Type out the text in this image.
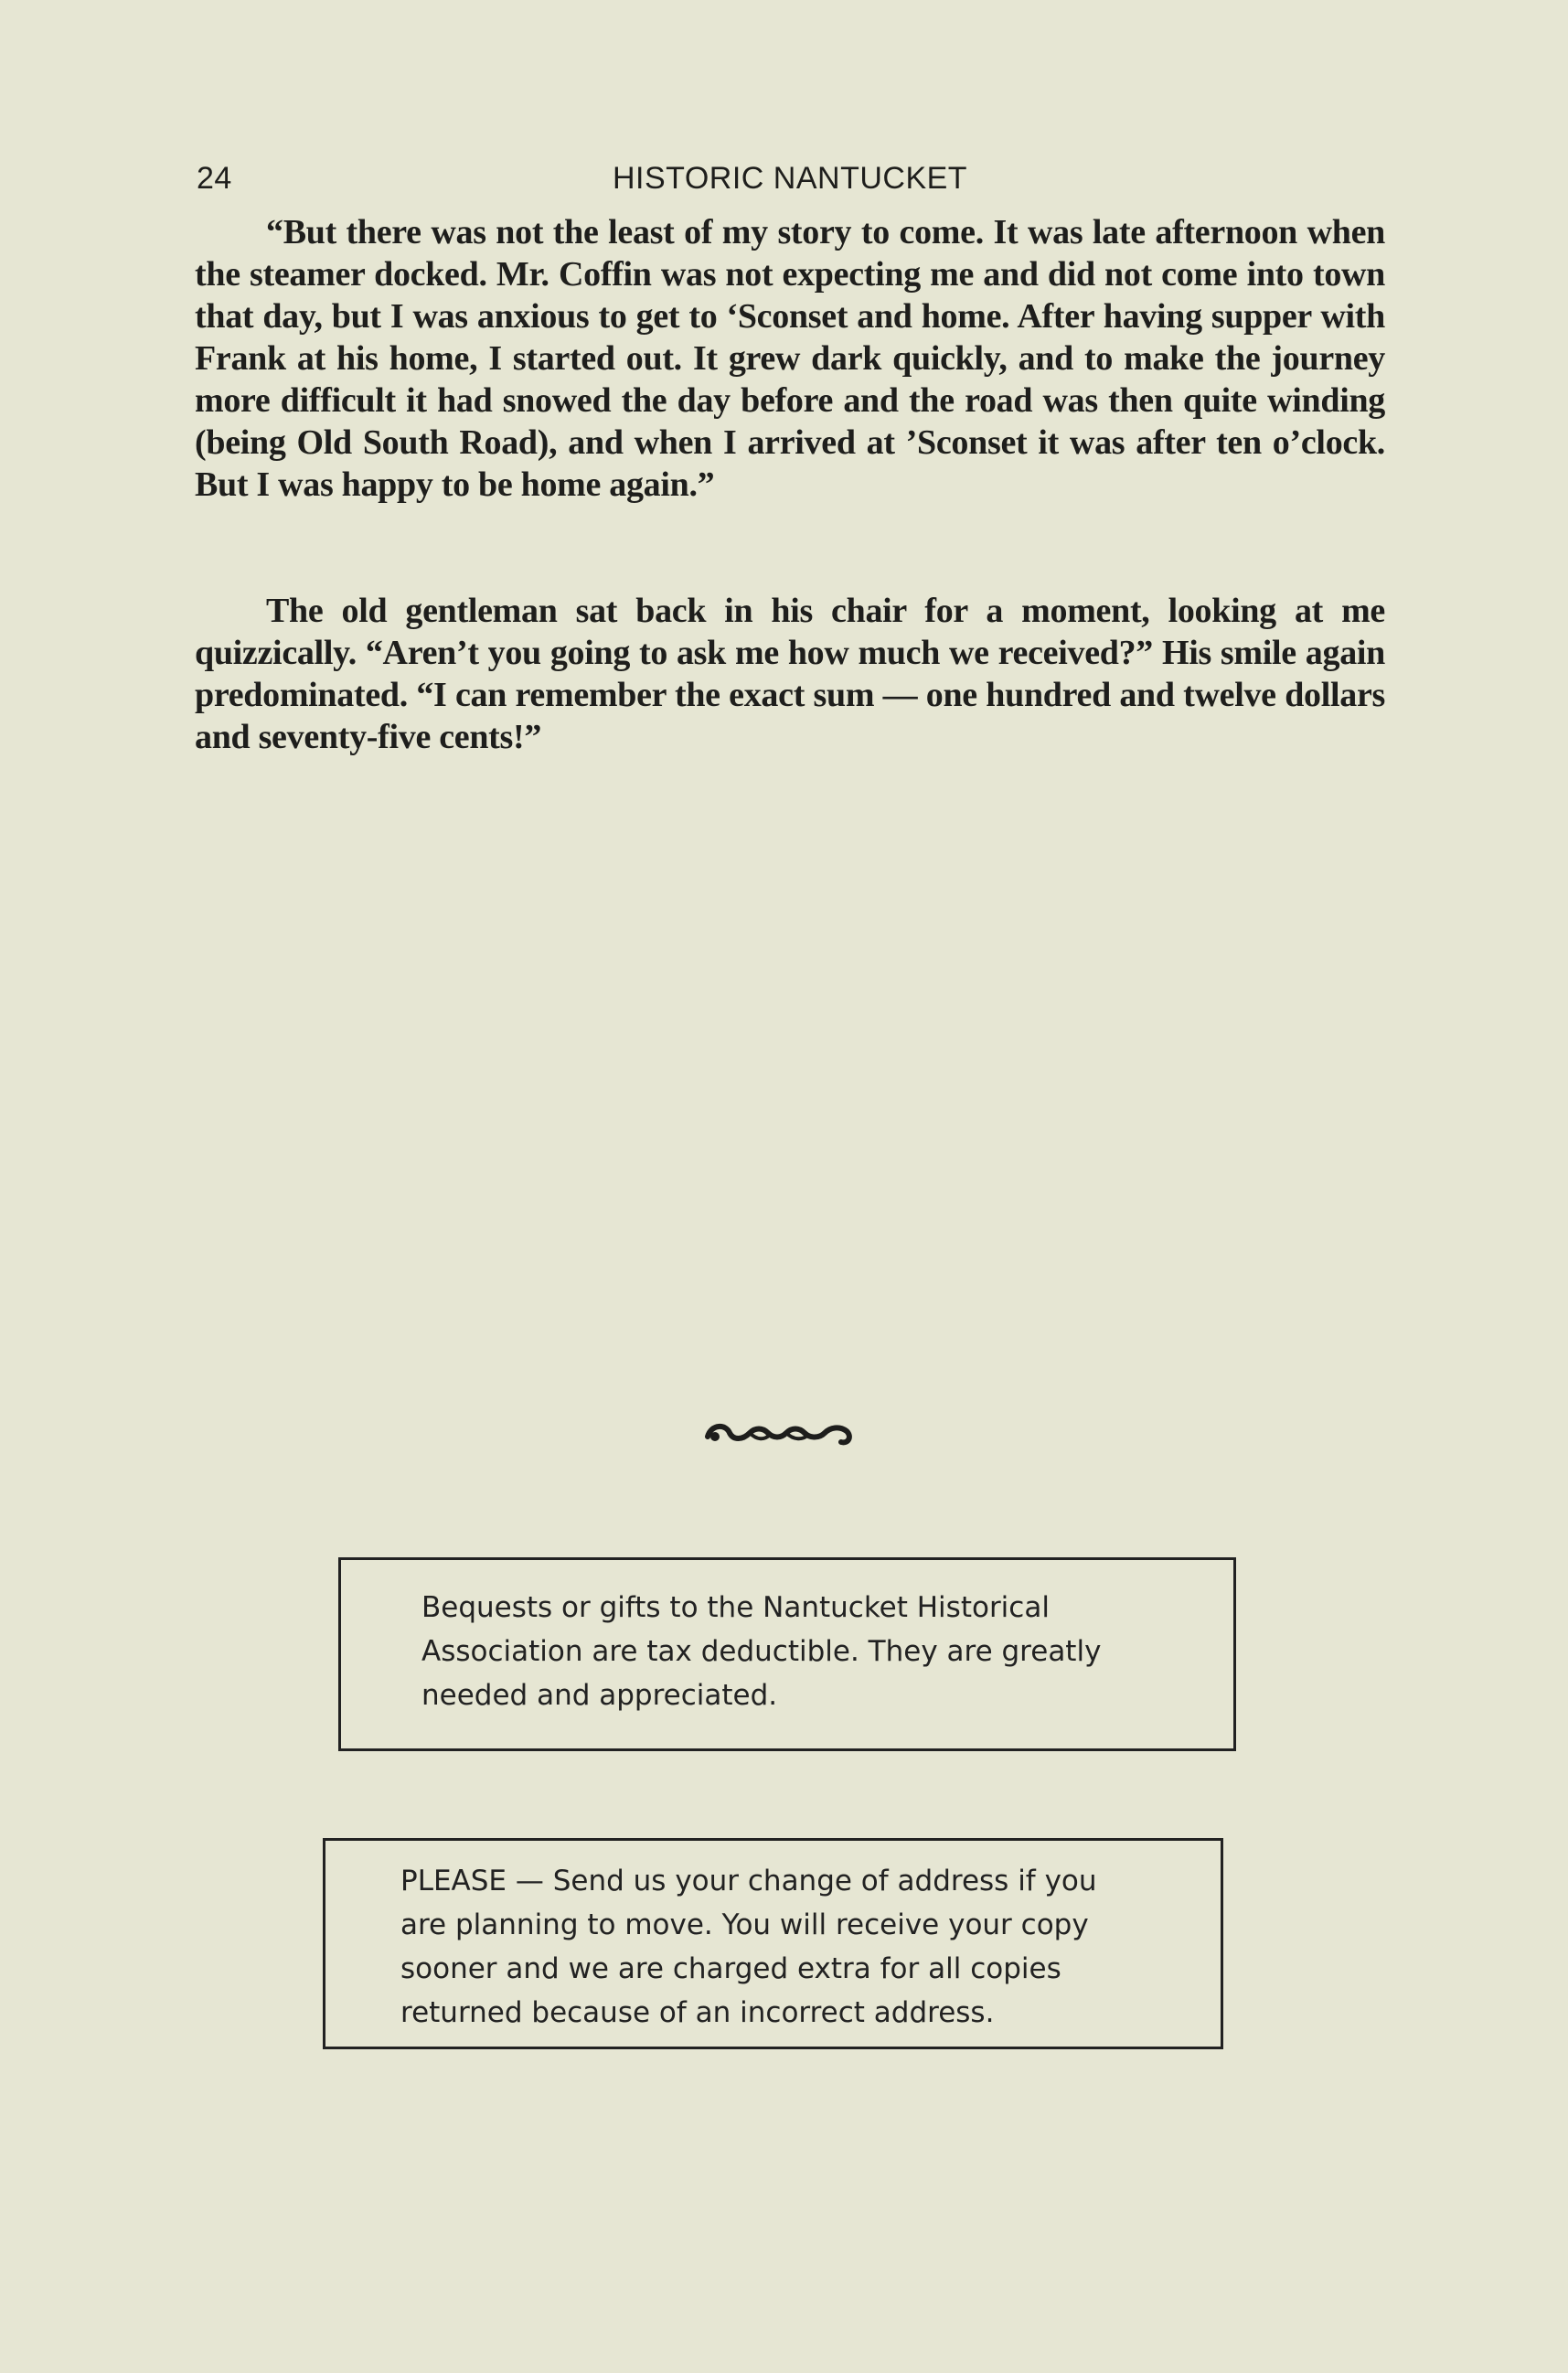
24	HISTORIC NANTUCKET

“But there was not the least of my story to come. It was late afternoon when the steamer docked. Mr. Coffin was not expecting me and did not come into town that day, but I was anxious to get to ‘Sconset and home. After having supper with Frank at his home, I started out. It grew dark quickly, and to make the journey more difficult it had snowed the day before and the road was then quite winding (being Old South Road), and when I arrived at ’Sconset it was after ten o’clock. But I was happy to be home again.”

The old gentleman sat back in his chair for a moment, looking at me quizzically. “Aren’t you going to ask me how much we received?” His smile again predominated. “I can remember the exact sum — one hundred and twelve dollars and seventy-five cents!”

Bequests or gifts to the Nantucket Historical Association are tax deductible. They are greatly needed and appreciated.

PLEASE — Send us your change of address if you are planning to move. You will receive your copy sooner and we are charged extra for all copies returned because of an incorrect address.
